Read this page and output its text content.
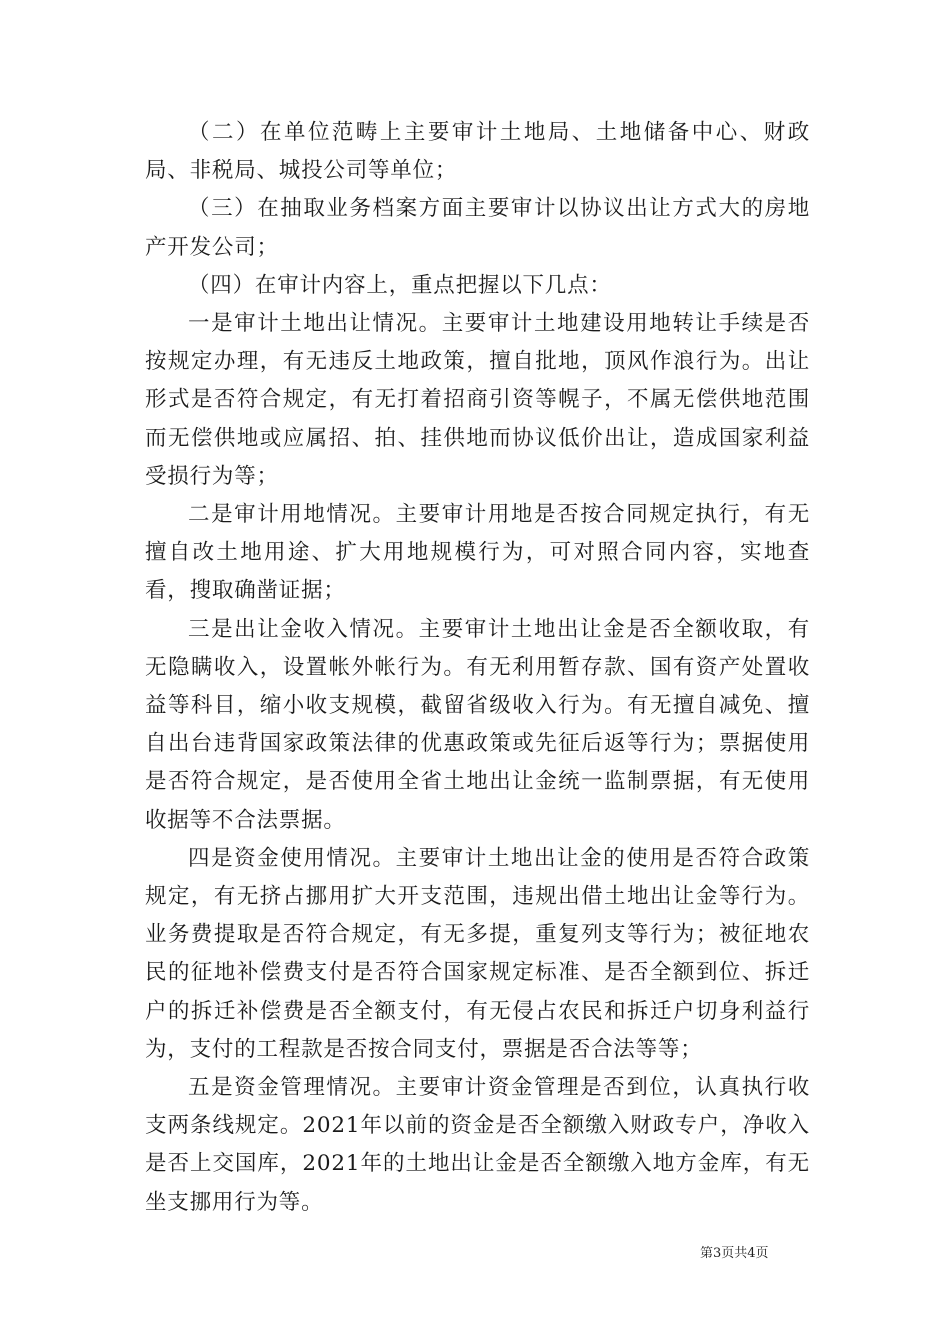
（二）在单位范畴上主要审计土地局、土地储备中心、财政局、非税局、城投公司等单位；

（三）在抽取业务档案方面主要审计以协议出让方式大的房地产开发公司；

（四）在审计内容上，重点把握以下几点：

一是审计土地出让情况。主要审计土地建设用地转让手续是否按规定办理，有无违反土地政策，擅自批地，顶风作浪行为。出让形式是否符合规定，有无打着招商引资等幌子，不属无偿供地范围而无偿供地或应属招、拍、挂供地而协议低价出让，造成国家利益受损行为等；

二是审计用地情况。主要审计用地是否按合同规定执行，有无擅自改土地用途、扩大用地规模行为，可对照合同内容，实地查看，搜取确凿证据；

三是出让金收入情况。主要审计土地出让金是否全额收取，有无隐瞒收入，设置帐外帐行为。有无利用暂存款、国有资产处置收益等科目，缩小收支规模，截留省级收入行为。有无擅自减免、擅自出台违背国家政策法律的优惠政策或先征后返等行为；票据使用是否符合规定，是否使用全省土地出让金统一监制票据，有无使用收据等不合法票据。

四是资金使用情况。主要审计土地出让金的使用是否符合政策规定，有无挤占挪用扩大开支范围，违规出借土地出让金等行为。业务费提取是否符合规定，有无多提，重复列支等行为；被征地农民的征地补偿费支付是否符合国家规定标准、是否全额到位、拆迁户的拆迁补偿费是否全额支付，有无侵占农民和拆迁户切身利益行为，支付的工程款是否按合同支付，票据是否合法等等；

五是资金管理情况。主要审计资金管理是否到位，认真执行收支两条线规定。2021年以前的资金是否全额缴入财政专户，净收入是否上交国库，2021年的土地出让金是否全额缴入地方金库，有无坐支挪用行为等。

第3页共4页
